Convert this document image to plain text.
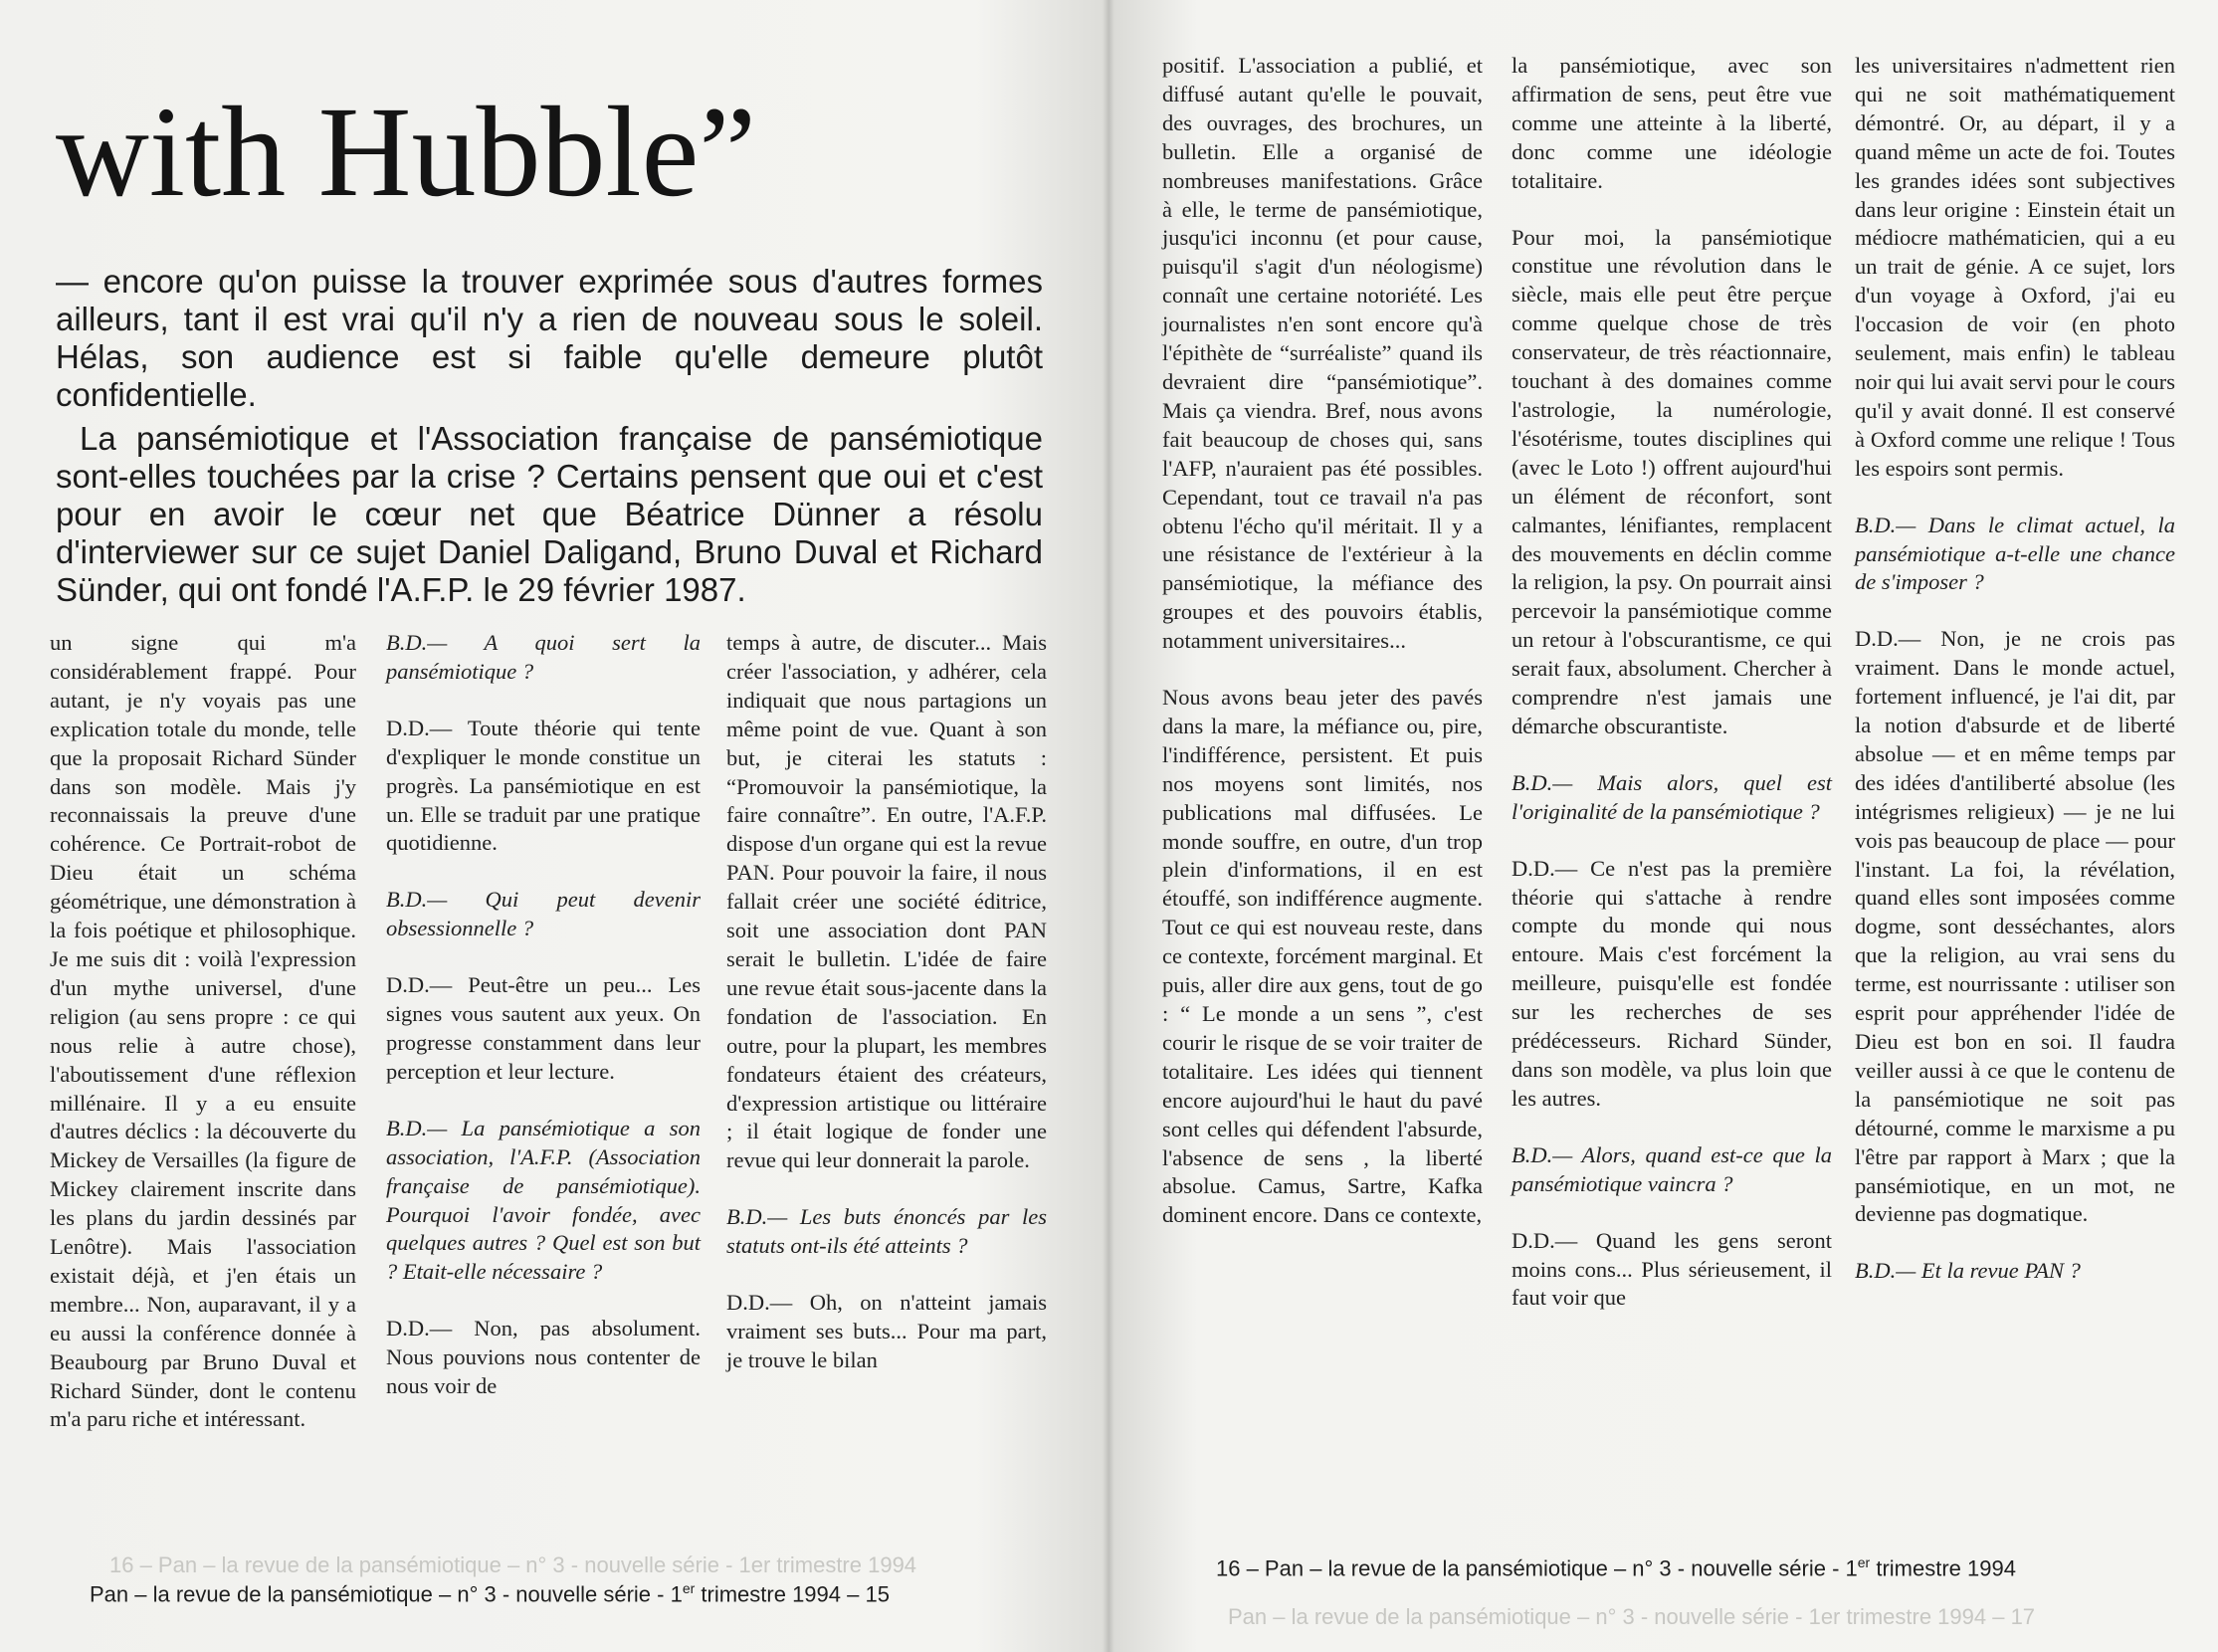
with Hubble”

— encore qu'on puisse la trouver exprimée sous d'autres formes ailleurs, tant il est vrai qu'il n'y a rien de nouveau sous le soleil. Hélas, son audience est si faible qu'elle demeure plutôt confidentielle.

La pansémiotique et l'Association française de pansémiotique sont-elles touchées par la crise ? Certains pensent que oui et c'est pour en avoir le cœur net que Béatrice Dünner a résolu d'interviewer sur ce sujet Daniel Daligand, Bruno Duval et Richard Sünder, qui ont fondé l'A.F.P. le 29 février 1987.

un signe qui m'a considérablement frappé. Pour autant, je n'y voyais pas une explication totale du monde, telle que la proposait Richard Sünder dans son modèle. Mais j'y reconnaissais la preuve d'une cohérence. Ce Portrait-robot de Dieu était un schéma géométrique, une démonstration à la fois poétique et philosophique. Je me suis dit : voilà l'expression d'un mythe universel, d'une religion (au sens propre : ce qui nous relie à autre chose), l'aboutissement d'une réflexion millénaire. Il y a eu ensuite d'autres déclics : la découverte du Mickey de Versailles (la figure de Mickey clairement inscrite dans les plans du jardin dessinés par Lenôtre). Mais l'association existait déjà, et j'en étais un membre... Non, auparavant, il y a eu aussi la conférence donnée à Beaubourg par Bruno Duval et Richard Sünder, dont le contenu m'a paru riche et intéressant.

B.D.— A quoi sert la pansémiotique ?

D.D.— Toute théorie qui tente d'expliquer le monde constitue un progrès. La pansémiotique en est un. Elle se traduit par une pratique quotidienne.

B.D.— Qui peut devenir obsessionnelle ?

D.D.— Peut-être un peu... Les signes vous sautent aux yeux. On progresse constamment dans leur perception et leur lecture.

B.D.— La pansémiotique a son association, l'A.F.P. (Association française de pansémiotique). Pourquoi l'avoir fondée, avec quelques autres ? Quel est son but ? Etait-elle nécessaire ?

D.D.— Non, pas absolument. Nous pouvions nous contenter de nous voir de

temps à autre, de discuter... Mais créer l'association, y adhérer, cela indiquait que nous partagions un même point de vue. Quant à son but, je citerai les statuts : “Promouvoir la pansémiotique, la faire connaître”. En outre, l'A.F.P. dispose d'un organe qui est la revue PAN. Pour pouvoir la faire, il nous fallait créer une société éditrice, soit une association dont PAN serait le bulletin. L'idée de faire une revue était sous-jacente dans la fondation de l'association. En outre, pour la plupart, les membres fondateurs étaient des créateurs, d'expression artistique ou littéraire ; il était logique de fonder une revue qui leur donnerait la parole.

B.D.— Les buts énoncés par les statuts ont-ils été atteints ?

D.D.— Oh, on n'atteint jamais vraiment ses buts... Pour ma part, je trouve le bilan

16 – Pan – la revue de la pansémiotique – n° 3 - nouvelle série - 1er trimestre 1994
Pan – la revue de la pansémiotique – n° 3 - nouvelle série - 1er trimestre 1994 – 15

positif. L'association a publié, et diffusé autant qu'elle le pouvait, des ouvrages, des brochures, un bulletin. Elle a organisé de nombreuses manifestations. Grâce à elle, le terme de pansémiotique, jusqu'ici inconnu (et pour cause, puisqu'il s'agit d'un néologisme) connaît une certaine notoriété. Les journalistes n'en sont encore qu'à l'épithète de “surréaliste” quand ils devraient dire “pansémiotique”. Mais ça viendra. Bref, nous avons fait beaucoup de choses qui, sans l'AFP, n'auraient pas été possibles. Cependant, tout ce travail n'a pas obtenu l'écho qu'il méritait. Il y a une résistance de l'extérieur à la pansémiotique, la méfiance des groupes et des pouvoirs établis, notamment universitaires...

Nous avons beau jeter des pavés dans la mare, la méfiance ou, pire, l'indifférence, persistent. Et puis nos moyens sont limités, nos publications mal diffusées. Le monde souffre, en outre, d'un trop plein d'informations, il en est étouffé, son indifférence augmente. Tout ce qui est nouveau reste, dans ce contexte, forcément marginal. Et puis, aller dire aux gens, tout de go : “ Le monde a un sens ”, c'est courir le risque de se voir traiter de totalitaire. Les idées qui tiennent encore aujourd'hui le haut du pavé sont celles qui défendent l'absurde, l'absence de sens , la liberté absolue. Camus, Sartre, Kafka dominent encore. Dans ce contexte,

la pansémiotique, avec son affirmation de sens, peut être vue comme une atteinte à la liberté, donc comme une idéologie totalitaire.

Pour moi, la pansémiotique constitue une révolution dans le siècle, mais elle peut être perçue comme quelque chose de très conservateur, de très réactionnaire, touchant à des domaines comme l'astrologie, la numérologie, l'ésotérisme, toutes disciplines qui (avec le Loto !) offrent aujourd'hui un élément de réconfort, sont calmantes, lénifiantes, remplacent des mouvements en déclin comme la religion, la psy. On pourrait ainsi percevoir la pansémiotique comme un retour à l'obscurantisme, ce qui serait faux, absolument. Chercher à comprendre n'est jamais une démarche obscurantiste.

B.D.— Mais alors, quel est l'originalité de la pansémiotique ?

D.D.— Ce n'est pas la première théorie qui s'attache à rendre compte du monde qui nous entoure. Mais c'est forcément la meilleure, puisqu'elle est fondée sur les recherches de ses prédécesseurs. Richard Sünder, dans son modèle, va plus loin que les autres.

B.D.— Alors, quand est-ce que la pansémiotique vaincra ?

D.D.— Quand les gens seront moins cons... Plus sérieusement, il faut voir que

les universitaires n'admettent rien qui ne soit mathématiquement démontré. Or, au départ, il y a quand même un acte de foi. Toutes les grandes idées sont subjectives dans leur origine : Einstein était un médiocre mathématicien, qui a eu un trait de génie. A ce sujet, lors d'un voyage à Oxford, j'ai eu l'occasion de voir (en photo seulement, mais enfin) le tableau noir qui lui avait servi pour le cours qu'il y avait donné. Il est conservé à Oxford comme une relique ! Tous les espoirs sont permis.

B.D.— Dans le climat actuel, la pansémiotique a-t-elle une chance de s'imposer ?

D.D.— Non, je ne crois pas vraiment. Dans le monde actuel, fortement influencé, je l'ai dit, par la notion d'absurde et de liberté absolue — et en même temps par des idées d'antiliberté absolue (les intégrismes religieux) — je ne lui vois pas beaucoup de place — pour l'instant. La foi, la révélation, quand elles sont imposées comme dogme, sont desséchantes, alors que la religion, au vrai sens du terme, est nourrissante : utiliser son esprit pour appréhender l'idée de Dieu est bon en soi. Il faudra veiller aussi à ce que le contenu de la pansémiotique ne soit pas détourné, comme le marxisme a pu l'être par rapport à Marx ; que la pansémiotique, en un mot, ne devienne pas dogmatique.

B.D.— Et la revue PAN ?

16 – Pan – la revue de la pansémiotique – n° 3 - nouvelle série - 1er trimestre 1994
Pan – la revue de la pansémiotique – n° 3 - nouvelle série - 1er trimestre 1994 – 17
